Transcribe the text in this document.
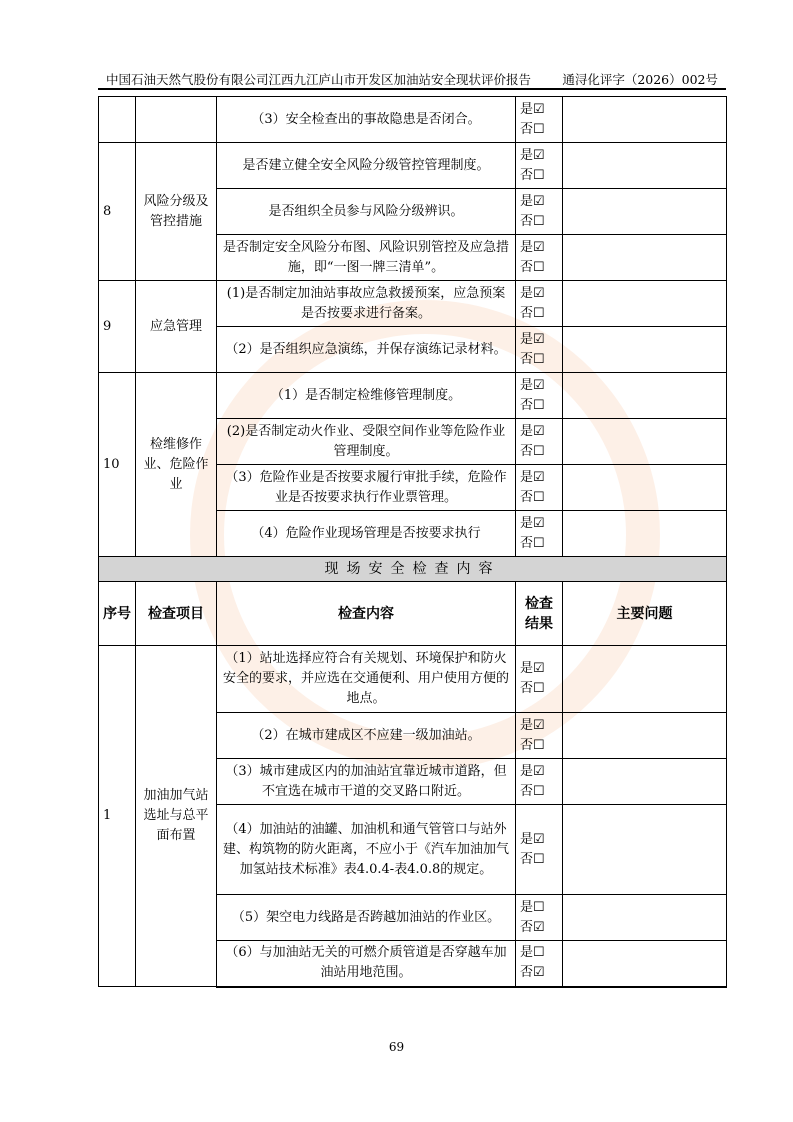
中国石油天然气股份有限公司江西九江庐山市开发区加油站安全现状评价报告	通浔化评字（2026）002号
		（3）安全检查出的事故隐患是否闭合。	是☑
否☐	

8	风险分级及管控措施	是否建立健全安全风险分级管控管理制度。	是☑
否☐	

		是否组织全员参与风险分级辨识。	是☑
否☐	

		是否制定安全风险分布图、风险识别管控及应急措施，即“一图一牌三清单”。	是☑
否☐	

9	应急管理	(1)是否制定加油站事故应急救援预案，应急预案是否按要求进行备案。	是☑
否☐	

		（2）是否组织应急演练，并保存演练记录材料。	是☑
否☐	

10	检维修作业、危险作业	（1）是否制定检维修管理制度。	是☑
否☐	

		(2)是否制定动火作业、受限空间作业等危险作业管理制度。	是☑
否☐	

		（3）危险作业是否按要求履行审批手续，危险作业是否按要求执行作业票管理。	是☑
否☐	

		（4）危险作业现场管理是否按要求执行	是☑
否☐	

现场安全检查内容				
序号	检查项目	检查内容	检查结果	主要问题
1	加油加气站选址与总平面布置	（1）站址选择应符合有关规划、环境保护和防火安全的要求，并应选在交通便利、用户使用方便的地点。	是☑
否☐	

		（2）在城市建成区不应建一级加油站。	是☑
否☐	

		（3）城市建成区内的加油站宜靠近城市道路，但不宜选在城市干道的交叉路口附近。	是☑
否☐	

		（4）加油站的油罐、加油机和通气管管口与站外建、构筑物的防火距离，不应小于《汽车加油加气加氢站技术标准》表4.0.4-表4.0.8的规定。	是☑
否☐	

		（5）架空电力线路是否跨越加油站的作业区。	是☐
否☑	

		（6）与加油站无关的可燃介质管道是否穿越车加油站用地范围。	是☐
否☑	

69
